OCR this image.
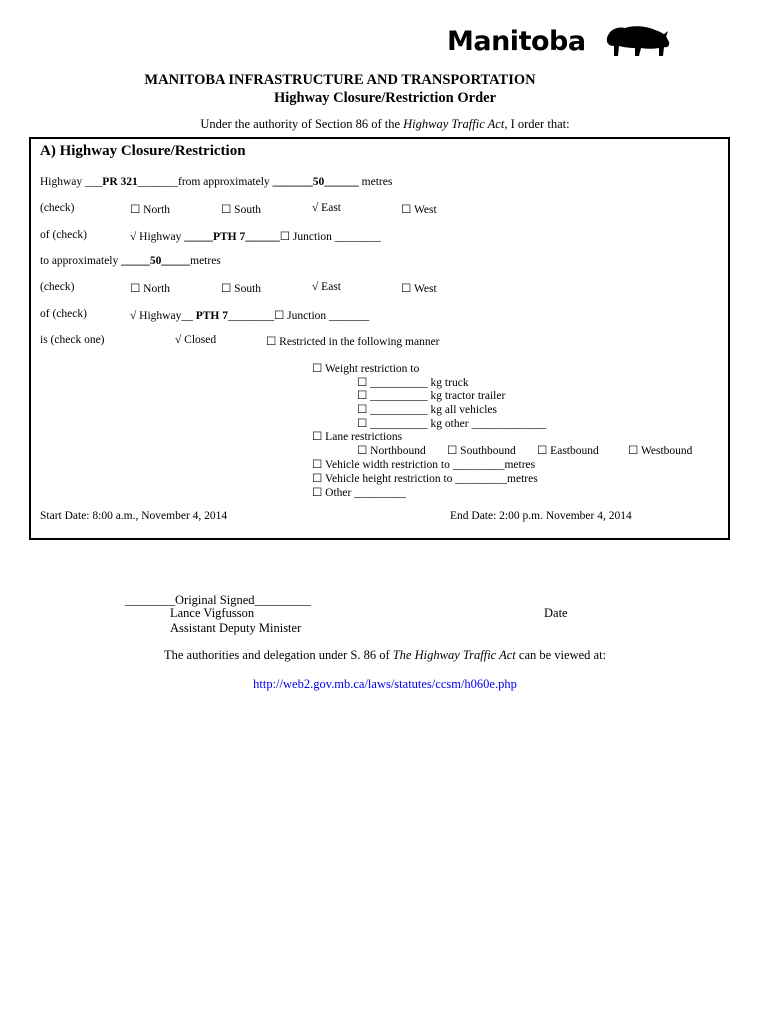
Manitoba
MANITOBA INFRASTRUCTURE AND TRANSPORTATION
Highway Closure/Restriction Order
Under the authority of Section 86 of the Highway Traffic Act, I order that:
A) Highway Closure/Restriction
Highway ___PR 321_______from approximately _______50______ metres
(check)	☐ North	☐ South	√ East	☐ West
of (check)	√ Highway _____PTH 7______☐ Junction ________
to approximately _____50_____metres
(check)	☐ North	☐ South	√ East	☐ West
of (check)	√ Highway__ PTH 7________☐ Junction _______
is (check one)	√ Closed	☐ Restricted in the following manner
☐ Weight restriction to
☐ __________ kg truck
☐ __________ kg tractor trailer
☐ __________ kg all vehicles
☐ __________ kg other _____________
☐ Lane restrictions
☐ Northbound ☐ Southbound ☐ Eastbound	☐ Westbound
☐ Vehicle width restriction to _________metres
☐ Vehicle height restriction to _________metres
☐ Other _________
Start Date: 8:00 a.m., November 4, 2014	End Date: 2:00 p.m. November 4, 2014
________Original Signed_________
Lance Vigfusson	Date
Assistant Deputy Minister
The authorities and delegation under S. 86 of The Highway Traffic Act can be viewed at:
http://web2.gov.mb.ca/laws/statutes/ccsm/h060e.php
